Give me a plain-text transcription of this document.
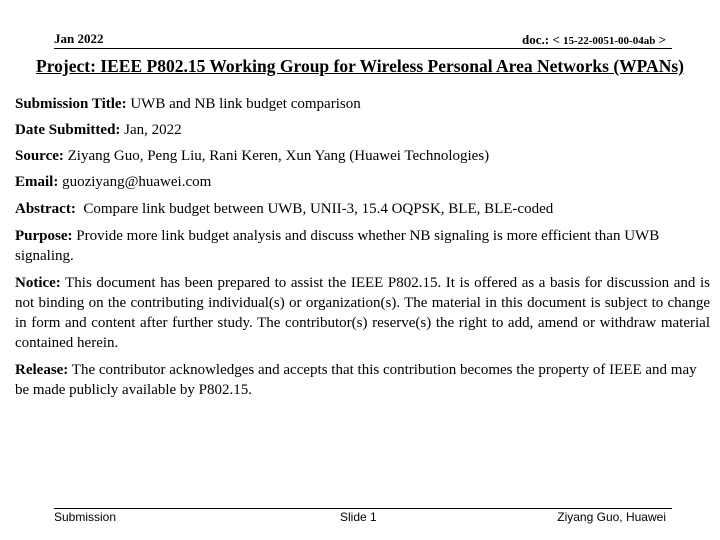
Jan 2022	doc.: < 15-22-0051-00-04ab >
Project: IEEE P802.15 Working Group for Wireless Personal Area Networks (WPANs)

Submission Title: UWB and NB link budget comparison

Date Submitted: Jan, 2022

Source: Ziyang Guo, Peng Liu, Rani Keren, Xun Yang (Huawei Technologies)

Email: guoziyang@huawei.com

Abstract: Compare link budget between UWB, UNII-3, 15.4 OQPSK, BLE, BLE-coded

Purpose: Provide more link budget analysis and discuss whether NB signaling is more efficient than UWB signaling.

Notice: This document has been prepared to assist the IEEE P802.15. It is offered as a basis for discussion and is not binding on the contributing individual(s) or organization(s). The material in this document is subject to change in form and content after further study. The contributor(s) reserve(s) the right to add, amend or withdraw material contained herein.

Release: The contributor acknowledges and accepts that this contribution becomes the property of IEEE and may be made publicly available by P802.15.

Submission	Slide 1	Ziyang Guo, Huawei
